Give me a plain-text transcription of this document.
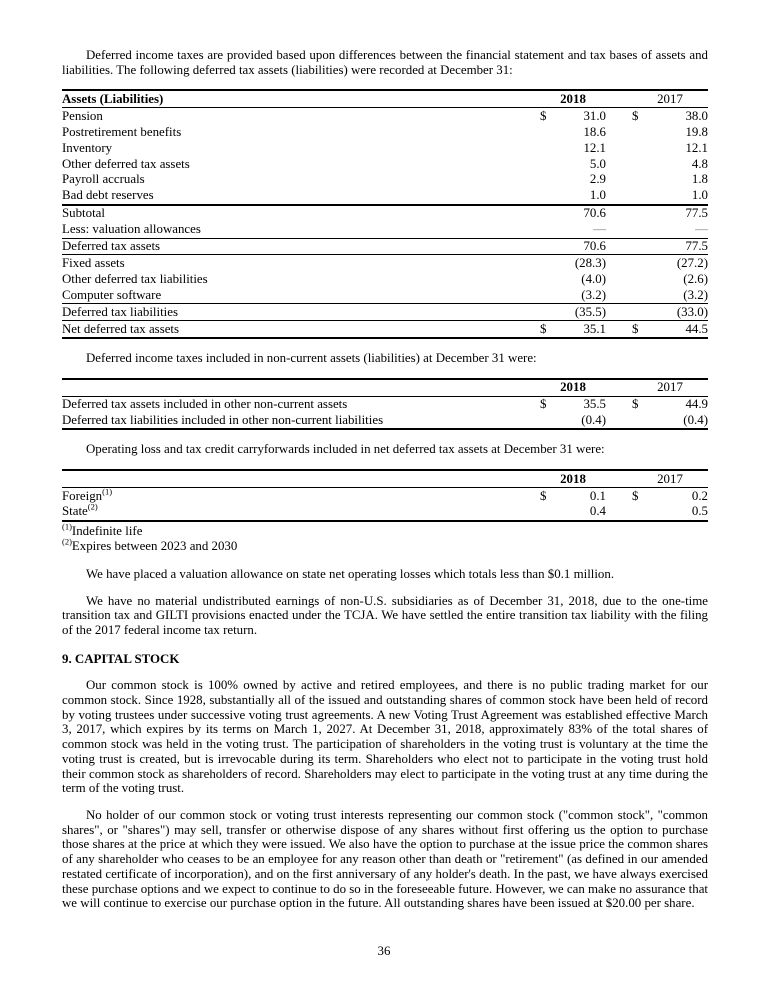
Deferred income taxes are provided based upon differences between the financial statement and tax bases of assets and liabilities. The following deferred tax assets (liabilities) were recorded at December 31:

Assets (Liabilities)	2018			2017	
Pension	$	31.0		$	38.0
Postretirement benefits		18.6			19.8
Inventory		12.1			12.1
Other deferred tax assets		5.0			4.8
Payroll accruals		2.9			1.8
Bad debt reserves		1.0			1.0
Subtotal		70.6			77.5
Less: valuation allowances		—			—
Deferred tax assets		70.6			77.5
Fixed assets		(28.3)			(27.2)
Other deferred tax liabilities		(4.0)			(2.6)
Computer software		(3.2)			(3.2)
Deferred tax liabilities		(35.5)			(33.0)
Net deferred tax assets	$	35.1		$	44.5

Deferred income taxes included in non-current assets (liabilities) at December 31 were:

	2018			2017	
Deferred tax assets included in other non-current assets	$	35.5		$	44.9
Deferred tax liabilities included in other non-current liabilities		(0.4)			(0.4)

Operating loss and tax credit carryforwards included in net deferred tax assets at December 31 were:

	2018			2017	
Foreign$^{(1)}$	$	0.1		$	0.2
State$^{(2)}$		0.4			0.5

$^{(1)}$Indefinite life

$^{(2)}$Expires between 2023 and 2030

We have placed a valuation allowance on state net operating losses which totals less than $0.1 million.

We have no material undistributed earnings of non-U.S. subsidiaries as of December 31, 2018, due to the one-time transition tax and GILTI provisions enacted under the TCJA. We have settled the entire transition tax liability with the filing of the 2017 federal income tax return.

9. CAPITAL STOCK

Our common stock is 100% owned by active and retired employees, and there is no public trading market for our common stock. Since 1928, substantially all of the issued and outstanding shares of common stock have been held of record by voting trustees under successive voting trust agreements. A new Voting Trust Agreement was established effective March 3, 2017, which expires by its terms on March 1, 2027. At December 31, 2018, approximately 83% of the total shares of common stock was held in the voting trust. The participation of shareholders in the voting trust is voluntary at the time the voting trust is created, but is irrevocable during its term. Shareholders who elect not to participate in the voting trust hold their common stock as shareholders of record. Shareholders may elect to participate in the voting trust at any time during the term of the voting trust.

No holder of our common stock or voting trust interests representing our common stock ("common stock", "common shares", or "shares") may sell, transfer or otherwise dispose of any shares without first offering us the option to purchase those shares at the price at which they were issued. We also have the option to purchase at the issue price the common shares of any shareholder who ceases to be an employee for any reason other than death or "retirement" (as defined in our amended restated certificate of incorporation), and on the first anniversary of any holder's death. In the past, we have always exercised these purchase options and we expect to continue to do so in the foreseeable future. However, we can make no assurance that we will continue to exercise our purchase option in the future. All outstanding shares have been issued at $20.00 per share.

36
